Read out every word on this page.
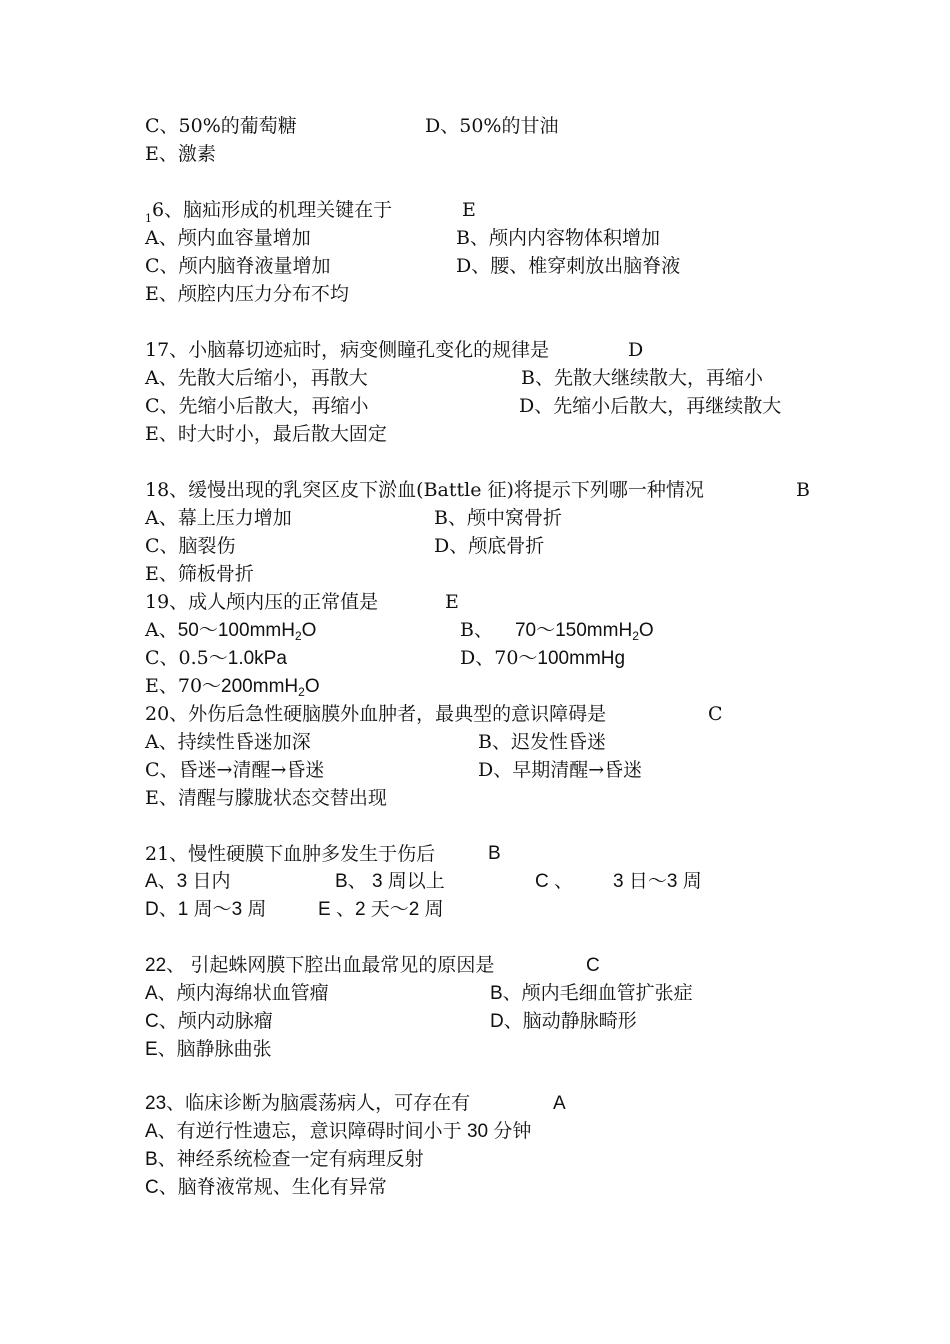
C、50%的葡萄糖	D、50%的甘油
E、激素
$_1$6、脑疝形成的机理关键在于	E
A、颅内血容量增加	B、颅内内容物体积增加
C、颅内脑脊液量增加	D、腰、椎穿刺放出脑脊液
E、颅腔内压力分布不均
17、小脑幕切迹疝时，病变侧瞳孔变化的规律是	D
A、先散大后缩小，再散大	B、先散大继续散大，再缩小
C、先缩小后散大，再缩小	D、先缩小后散大，再继续散大
E、时大时小，最后散大固定
18、缓慢出现的乳突区皮下淤血(Battle 征)将提示下列哪一种情况	B
A、幕上压力增加	B、颅中窝骨折
C、脑裂伤	D、颅底骨折
E、筛板骨折
19、成人颅内压的正常值是	E
A、50～100mmH$_2$O	B、 70～150mmH$_2$O
C、0.5～1.0kPa	D、70～100mmHg
E、70～200mmH$_2$O
20、外伤后急性硬脑膜外血肿者，最典型的意识障碍是	C
A、持续性昏迷加深	B、迟发性昏迷
C、昏迷→清醒→昏迷	D、早期清醒→昏迷
E、清醒与朦胧状态交替出现
21、慢性硬膜下血肿多发生于伤后	B
A、3 日内	B、 3 周以上	C 、 3 日～3 周
D、1 周～3 周	E 、2 天～2 周
22、 引起蛛网膜下腔出血最常见的原因是	C
A、颅内海绵状血管瘤	B、颅内毛细血管扩张症
C、颅内动脉瘤	D、脑动静脉畸形
E、脑静脉曲张
23、临床诊断为脑震荡病人，可存在有	A
A、有逆行性遗忘，意识障碍时间小于 30 分钟
B、神经系统检查一定有病理反射
C、脑脊液常规、生化有异常
